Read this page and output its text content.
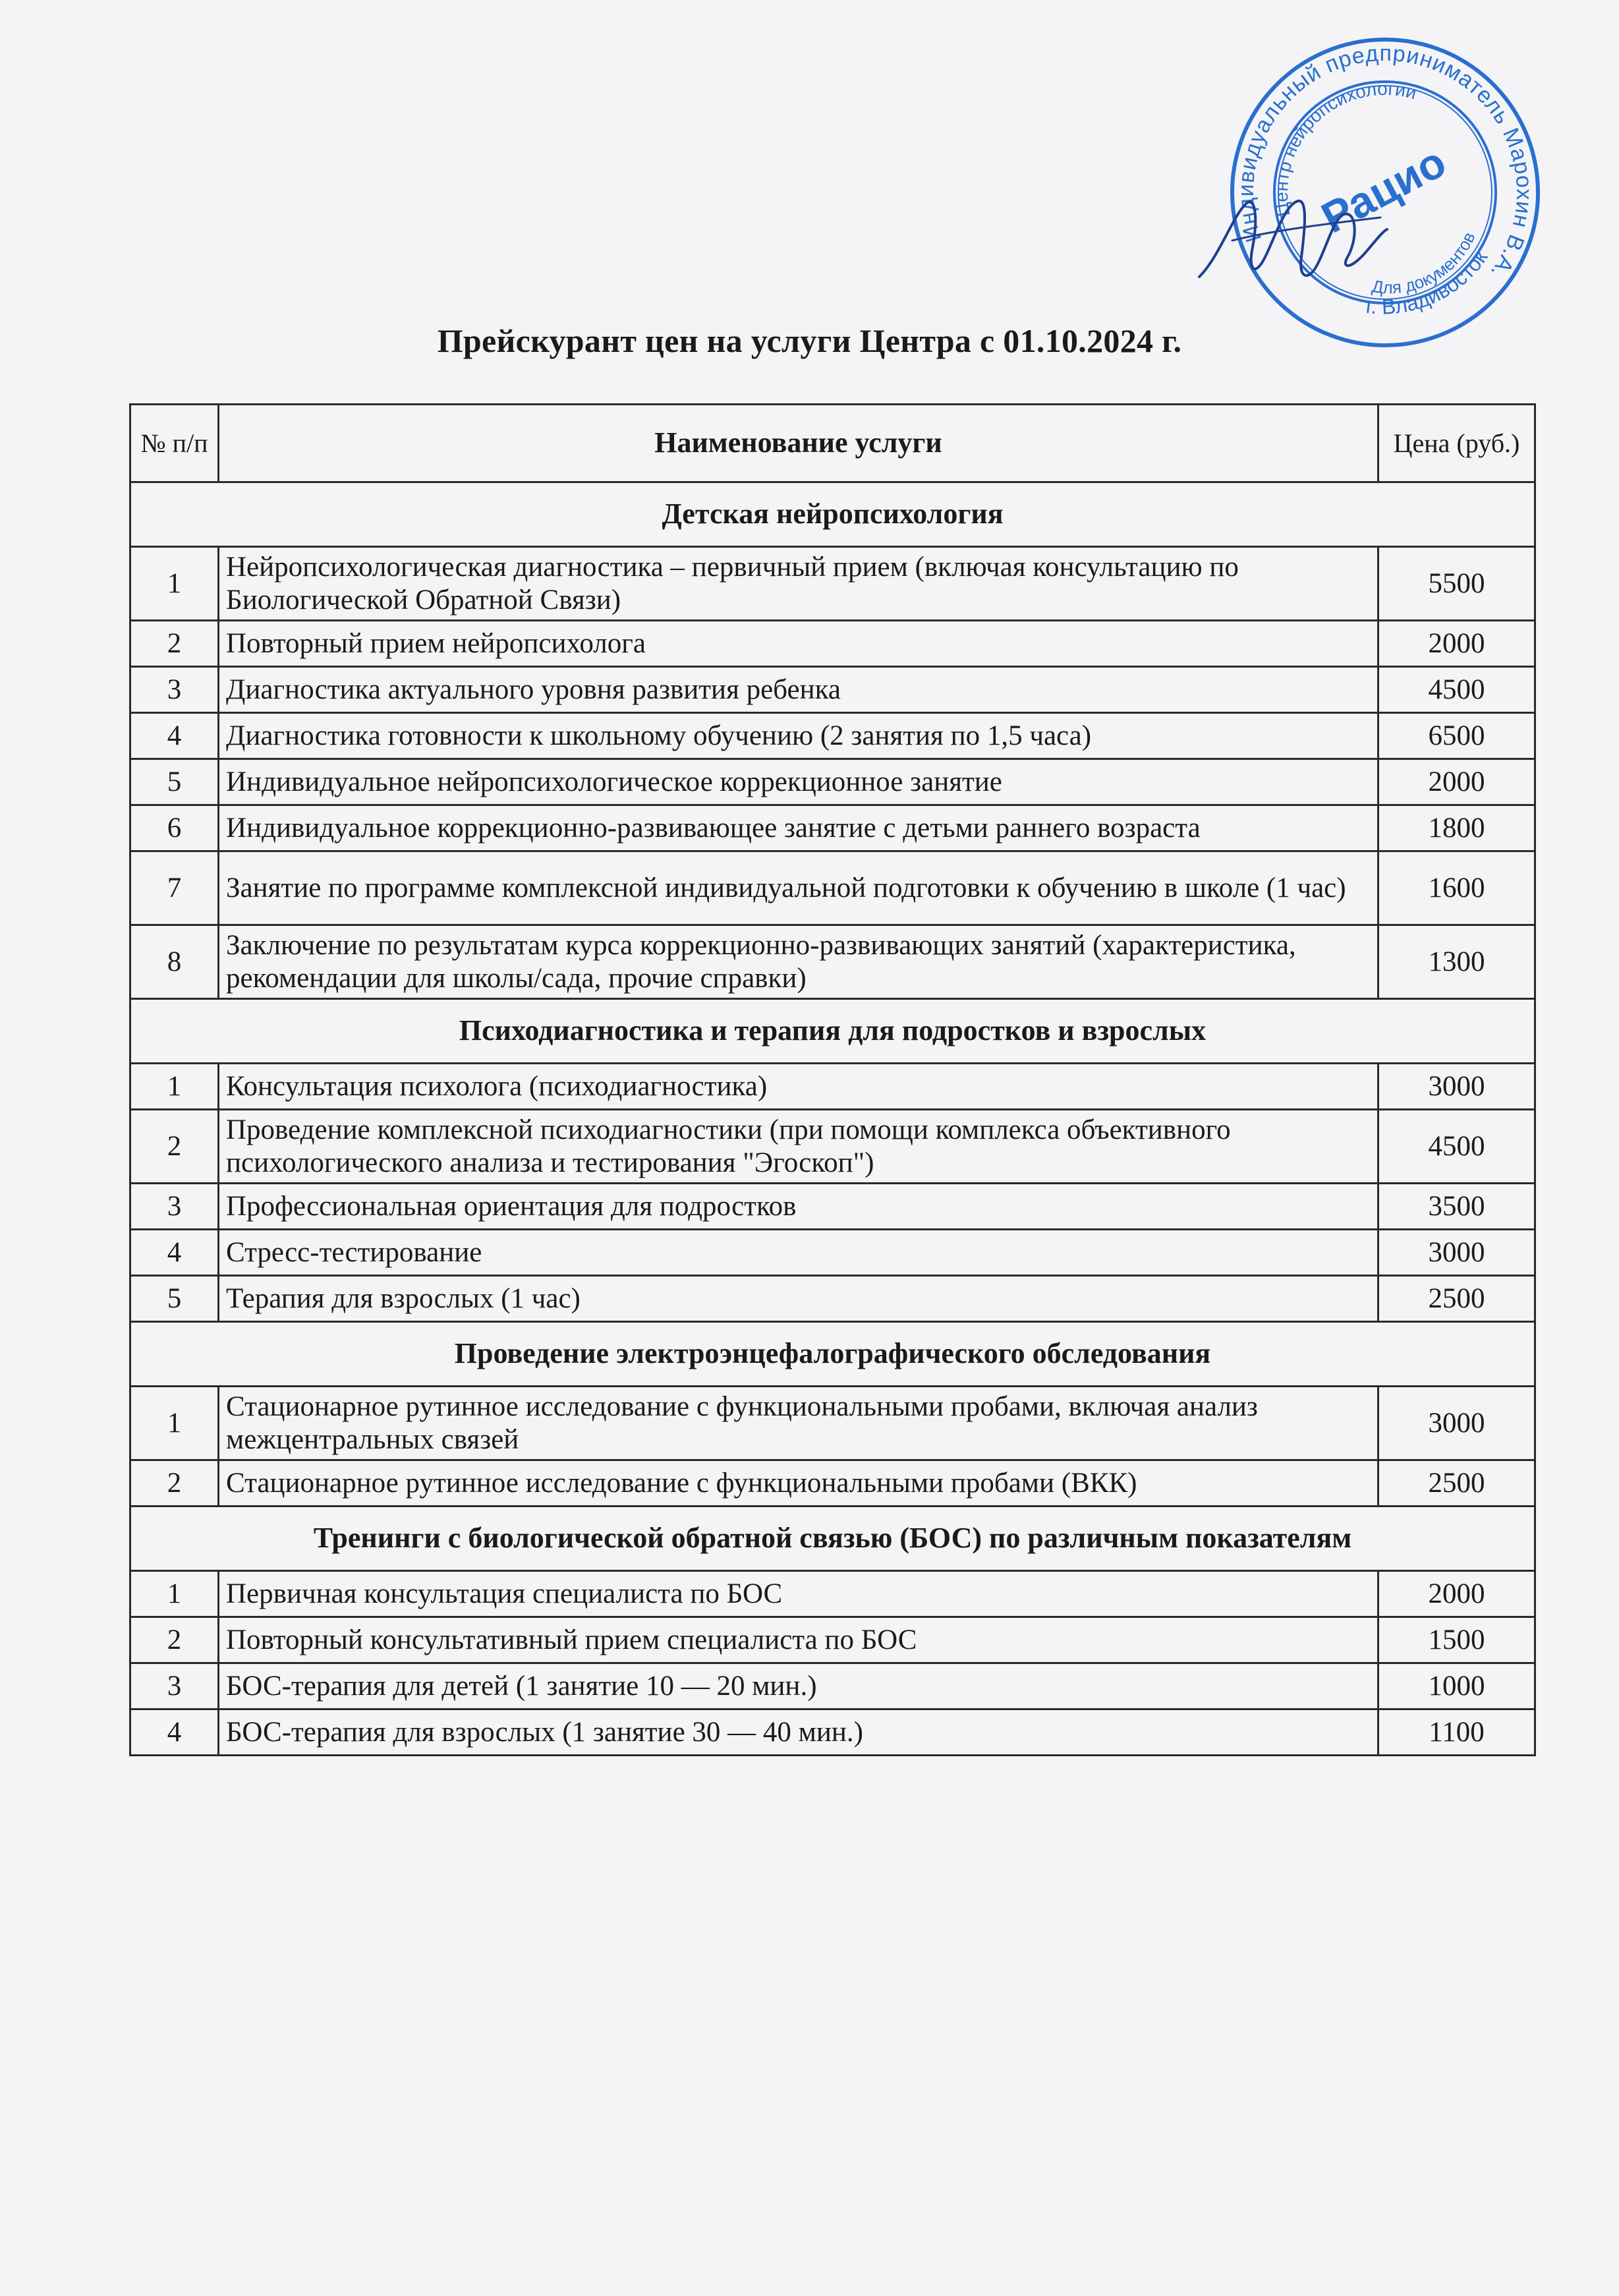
Индивидуальный предприниматель Марохин В.А.
Центр нейропсихологии
Для документов
г. Владивосток
Рацио
Прейскурант цен на услуги Центра с 01.10.2024 г.
№ п/п	Наименование услуги	Цена (руб.)
Детская нейропсихология		
1	Нейропсихологическая диагностика – первичный прием (включая консультацию по Биологической Обратной Связи)	5500
2	Повторный прием нейропсихолога	2000
3	Диагностика актуального уровня развития ребенка	4500
4	Диагностика готовности к школьному обучению (2 занятия по 1,5 часа)	6500
5	Индивидуальное нейропсихологическое коррекционное занятие	2000
6	Индивидуальное коррекционно-развивающее занятие с детьми раннего возраста	1800
7	Занятие по программе комплексной индивидуальной подготовки к обучению в школе (1 час)	1600
8	Заключение по результатам курса коррекционно-развивающих занятий (характеристика, рекомендации для школы/сада, прочие справки)	1300
Психодиагностика и терапия для подростков и взрослых		
1	Консультация психолога (психодиагностика)	3000
2	Проведение комплексной психодиагностики (при помощи комплекса объективного психологического анализа и тестирования "Эгоскоп")	4500
3	Профессиональная ориентация для подростков	3500
4	Стресс-тестирование	3000
5	Терапия для взрослых (1 час)	2500
Проведение электроэнцефалографического обследования		
1	Стационарное рутинное исследование с функциональными пробами, включая анализ межцентральных связей	3000
2	Стационарное рутинное исследование с функциональными пробами (ВКК)	2500
Тренинги с биологической обратной связью (БОС) по различным показателям		
1	Первичная консультация специалиста по БОС	2000
2	Повторный консультативный прием специалиста по БОС	1500
3	БОС-терапия для детей (1 занятие 10 — 20 мин.)	1000
4	БОС-терапия для взрослых (1 занятие 30 — 40 мин.)	1100
